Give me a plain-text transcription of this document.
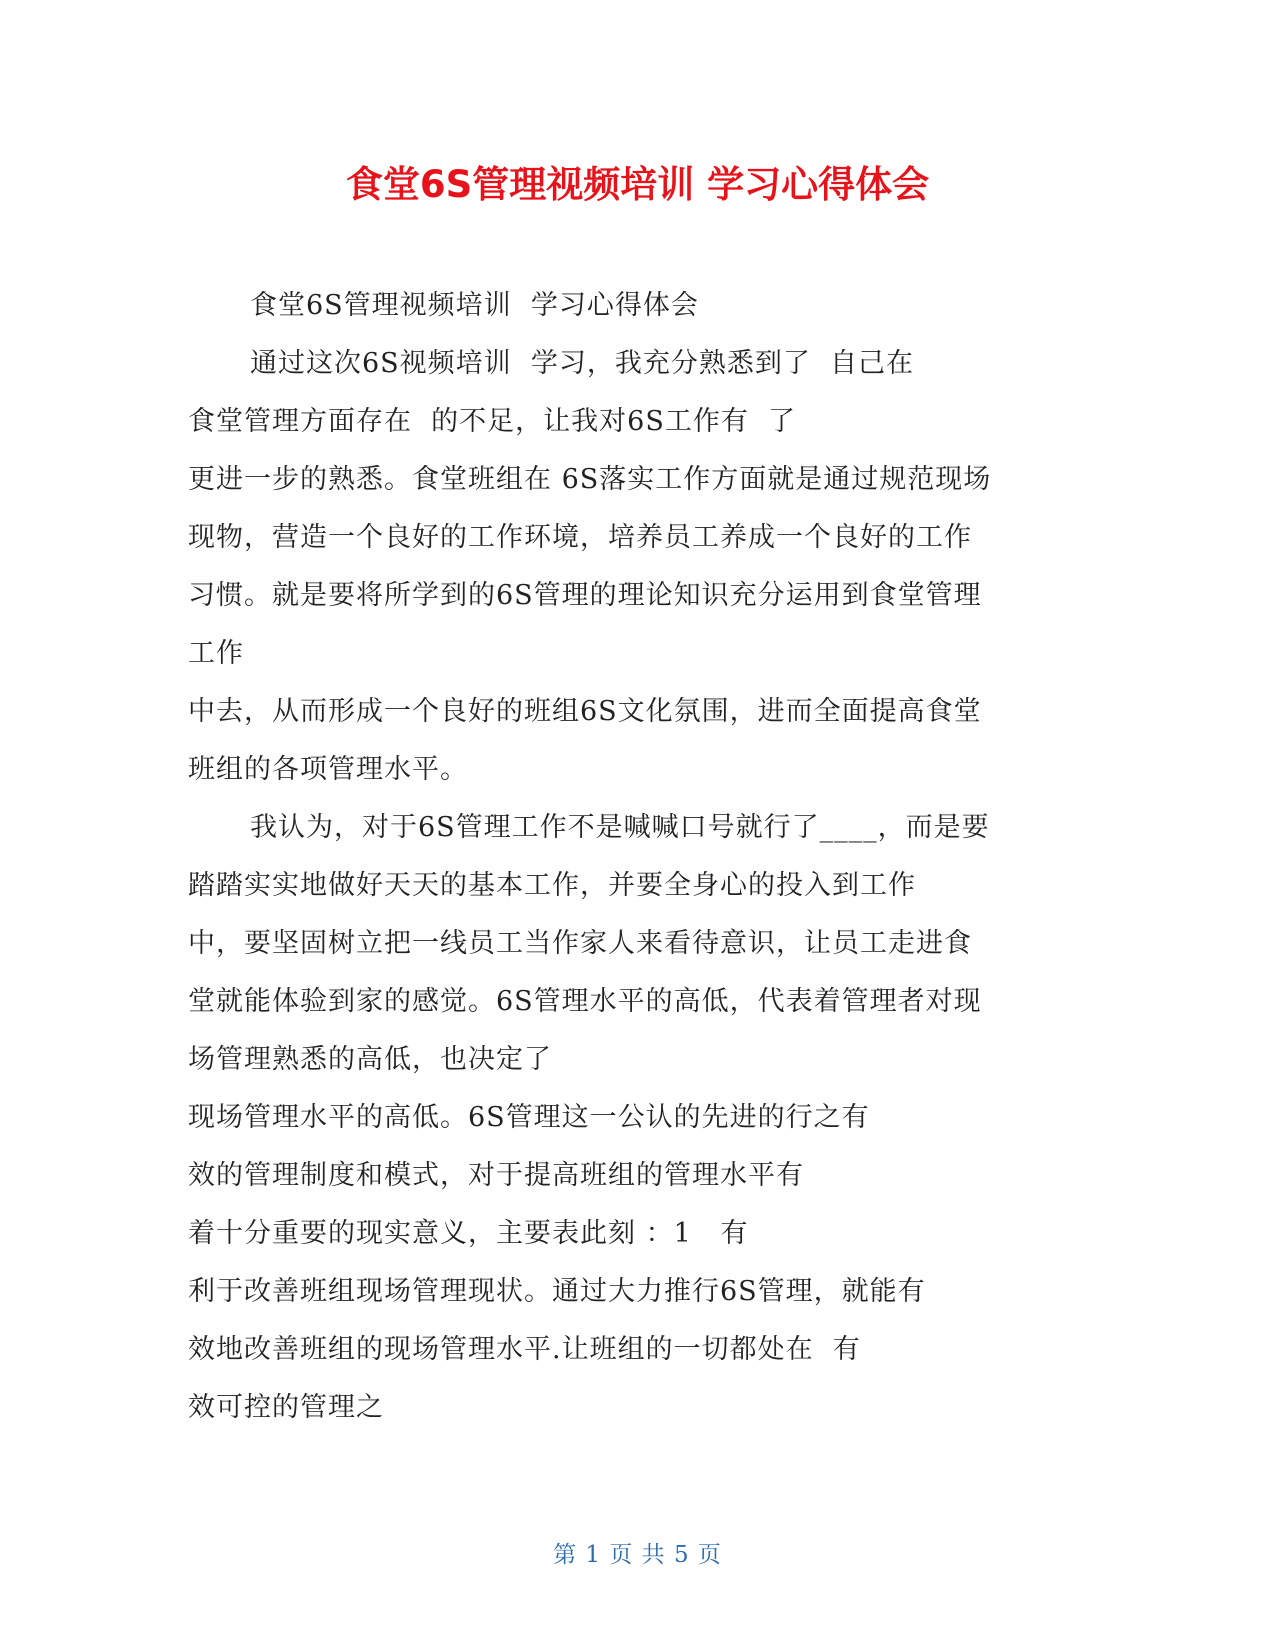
食堂6S管理视频培训 学习心得体会
食堂6S管理视频培训  学习心得体会
通过这次6S视频培训  学习，我充分熟悉到了  自己在
食堂管理方面存在  的不足，让我对6S工作有  了
更进一步的熟悉。食堂班组在 6S落实工作方面就是通过规范现场
现物，营造一个良好的工作环境，培养员工养成一个良好的工作
习惯。就是要将所学到的6S管理的理论知识充分运用到食堂管理
工作
中去，从而形成一个良好的班组6S文化氛围，进而全面提高食堂
班组的各项管理水平。
我认为，对于6S管理工作不是喊喊口号就行了____，而是要
踏踏实实地做好天天的基本工作，并要全身心的投入到工作
中，要坚固树立把一线员工当作家人来看待意识，让员工走进食
堂就能体验到家的感觉。6S管理水平的高低，代表着管理者对现
场管理熟悉的高低，也决定了
现场管理水平的高低。6S管理这一公认的先进的行之有
效的管理制度和模式，对于提高班组的管理水平有
着十分重要的现实意义，主要表此刻 ：1   有
利于改善班组现场管理现状。通过大力推行6S管理，就能有
效地改善班组的现场管理水平.让班组的一切都处在  有
效可控的管理之
第 1 页 共 5 页
